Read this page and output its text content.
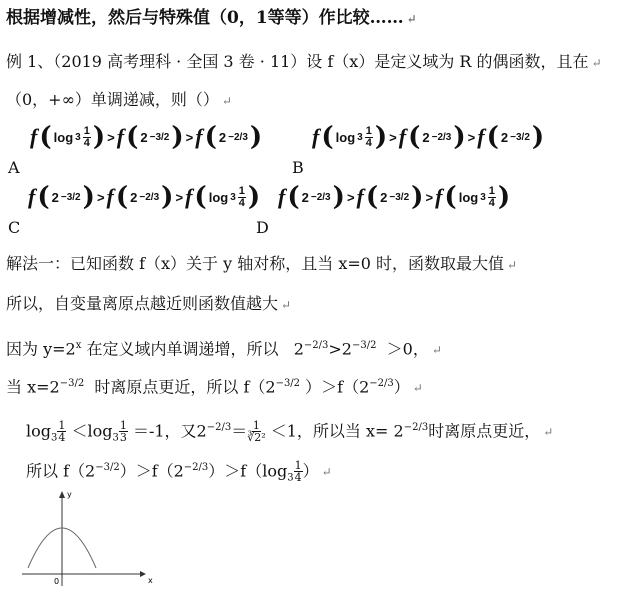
根据增减性，然后与特殊值（0，1等等）作比较…… ↵
例 1、（2019 高考理科 · 全国 3 卷 · 11）设 f（x）是定义域为 R 的偶函数，且在 ↵
（0，+∞）单调递减，则（） ↵
A
f ( $\log 3 \frac{1}{4}$ ) > f ( 2 −3/2 ) > f ( 2 −2/3 )
B
f ( $\log 3 \frac{1}{4}$ ) > f ( 2 −2/3 ) > f ( 2 −3/2 )
C
f ( 2 −3/2 ) > f ( 2 −2/3 ) > f ( $\log 3 \frac{1}{4}$ )
D
f ( 2 −2/3 ) > f ( 2 −3/2 ) > f ( $\log 3 \frac{1}{4}$ )
解法一：已知函数 f（x）关于 y 轴对称，且当 x=0 时，函数取最大值 ↵
所以，自变量离原点越近则函数值越大 ↵
因为 $y=2^x$ 在定义域内单调递增，所以   $2^{-2/3}>2^{-3/2} >0$， ↵
当 $x=2^{-3/2}$ 时离原点更近，所以 $f(2^{-3/2}$ ）$>f(2^{-2/3})$ ↵
$\log_3 \frac{1}{4} <\log_3 \frac{1}{3} =-1$，又$2^{-2/3}= \frac{1}{\text{∛2²}} <1$，所以当 $x= 2^{-2/3}$时离原点更近， ↵
所以 $f(2^{-3/2})>f(2^{-2/3})>f(\log_3 \frac{1}{4}$ ） ↵
y
x
0
